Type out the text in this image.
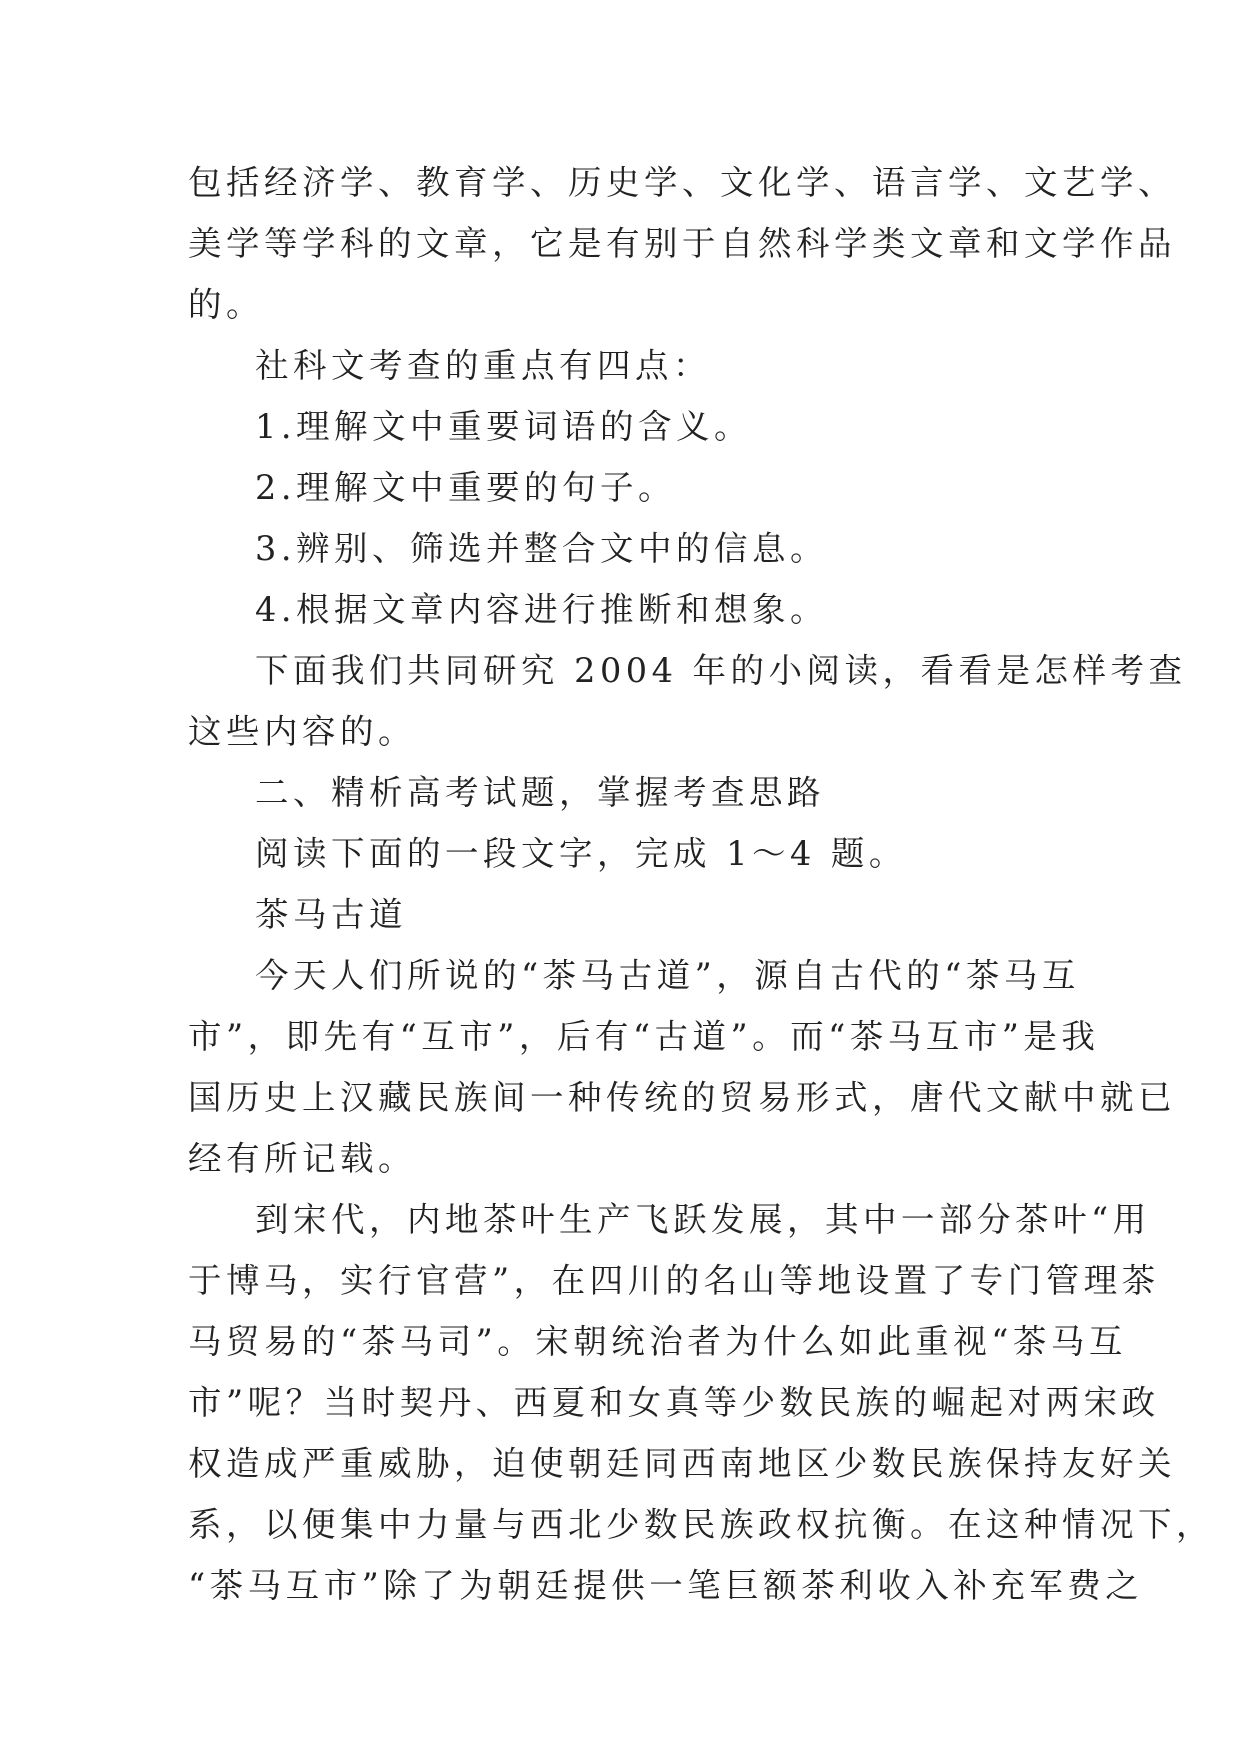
包括经济学、教育学、历史学、文化学、语言学、文艺学、
美学等学科的文章，它是有别于自然科学类文章和文学作品
的。
社科文考查的重点有四点：
1.理解文中重要词语的含义。
2.理解文中重要的句子。
3.辨别、筛选并整合文中的信息。
4.根据文章内容进行推断和想象。
下面我们共同研究 2004 年的小阅读，看看是怎样考查
这些内容的。
二、精析高考试题，掌握考查思路
阅读下面的一段文字，完成 1～4 题。
茶马古道
今天人们所说的“茶马古道”，源自古代的“茶马互
市”，即先有“互市”，后有“古道”。而“茶马互市”是我
国历史上汉藏民族间一种传统的贸易形式，唐代文献中就已
经有所记载。
到宋代，内地茶叶生产飞跃发展，其中一部分茶叶“用
于博马，实行官营”，在四川的名山等地设置了专门管理茶
马贸易的“茶马司”。宋朝统治者为什么如此重视“茶马互
市”呢？当时契丹、西夏和女真等少数民族的崛起对两宋政
权造成严重威胁，迫使朝廷同西南地区少数民族保持友好关
系，以便集中力量与西北少数民族政权抗衡。在这种情况下，
“茶马互市”除了为朝廷提供一笔巨额茶利收入补充军费之
